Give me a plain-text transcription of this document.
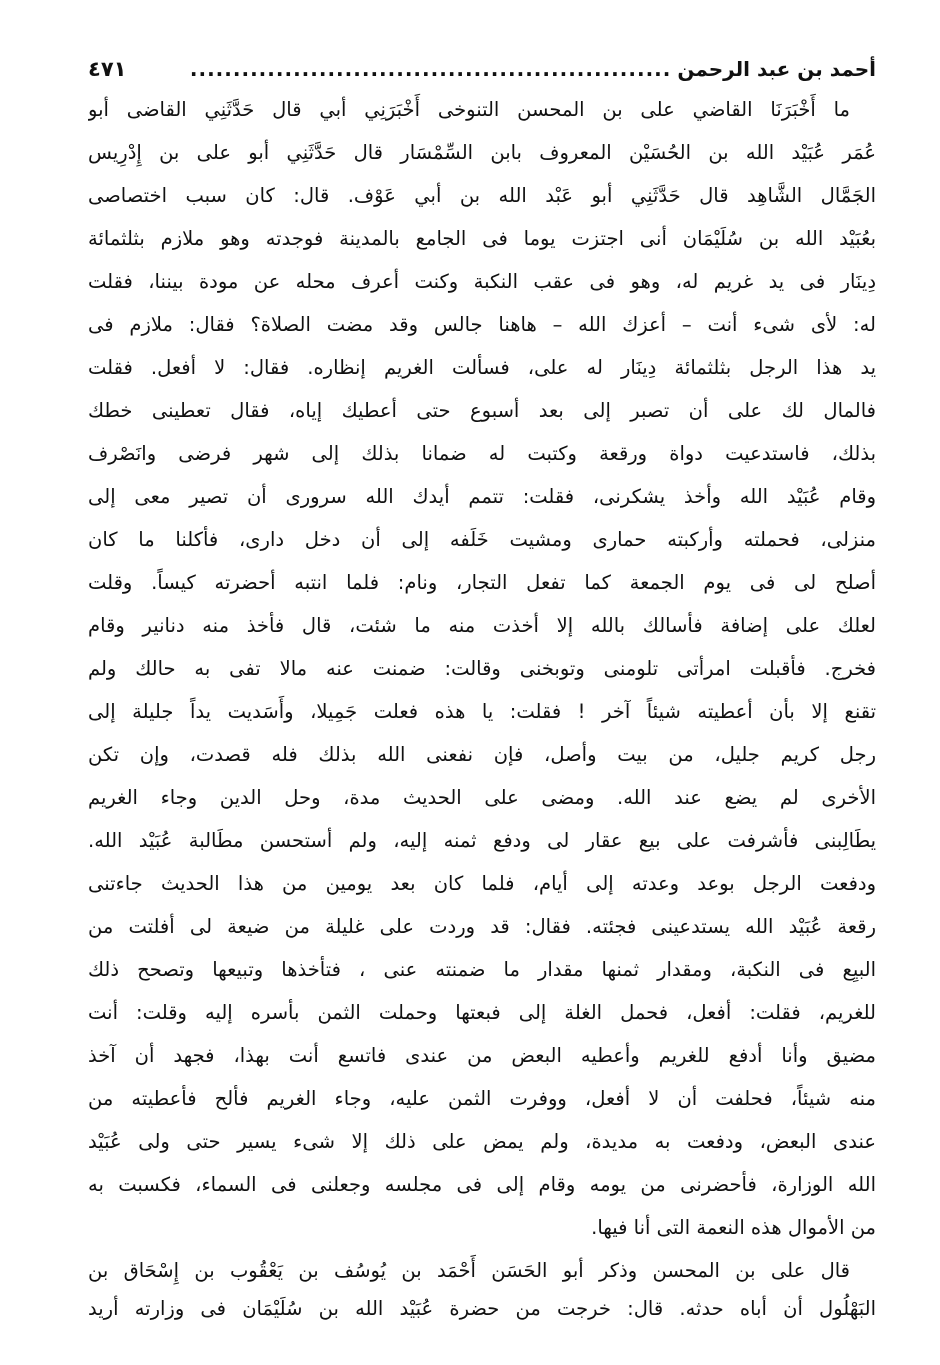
أحمد بن عبد الرحمن
........................................................
٤٧١
ما أَخْبَرَنَا القاضي على بن المحسن التنوخى أَخْبَرَنِي أبي قال حَدَّثَنِي القاضى أبو
عُمَر عُبَيْد الله بن الحُسَيْن المعروف بابن السِّمْسَار قال حَدَّثَنِي أبو على بن إِدْرِيس
الجَمَّال الشَّاهِد قال حَدَّثَنِي أبو عَبْد الله بن أبي عَوْف. قال: كان سبب اختصاصى
بعُبَيْد الله بن سُلَيْمَان أنى اجتزت يوما فى الجامع بالمدينة فوجدته وهو ملازم بثلثمائة
دِينَار فى يد غريم له، وهو فى عقب النكبة وكنت أعرف محله عن مودة بيننا، فقلت
له: لأى شىء أنت – أعزك الله – هاهنا جالس وقد مضت الصلاة؟ فقال: ملازم فى
يد هذا الرجل بثلثمائة دِينَار له على، فسألت الغريم إنظاره. فقال: لا أفعل. فقلت
فالمال لك على أن تصبر إلى بعد أسبوع حتى أعطيك إياه، فقال تعطينى خطك
بذلك، فاستدعيت دواة ورقعة وكتبت له ضمانا بذلك إلى شهر فرضى وانَصْرف
وقام عُبَيْد الله وأخذ يشكرنى، فقلت: تتمم أيدك الله سرورى أن تصير معى إلى
منزلى، فحملته وأركبته حمارى ومشيت خَلَفه إلى أن دخل دارى، فأكلنا ما كان
أصلح لى فى يوم الجمعة كما تفعل التجار، ونام: فلما انتبه أحضرته كيساً. وقلت
لعلك على إضافة فأسالك بالله إلا أخذت منه ما شئت، قال فأخذ منه دنانير وقام
فخرج. فأقبلت امرأتى تلومنى وتوبخنى وقالت: ضمنت عنه مالا تفى به حالك ولم
تقنع إلا بأن أعطيته شيئاً آخر ! فقلت: يا هذه فعلت جَمِيلا، وأَسَديت يداً جليلة إلى
رجل كريم جليل، من بيت وأصل، فإن نفعنى الله بذلك فله قصدت، وإن تكن
الأخرى لم يضع عند الله. ومضى على الحديث مدة، وحل الدين وجاء الغريم
يطَالِبنى فأشرفت على بيع عقار لى ودفع ثمنه إليه، ولم أستحسن مطَالبة عُبَيْد الله.
ودفعت الرجل بوعد وعدته إلى أيام، فلما كان بعد يومين من هذا الحديث جاءتنى
رقعة عُبَيْد الله يستدعينى فجئته. فقال: قد وردت على غليلة من ضيعة لى أفلتت من
البيِع فى النكبة، ومقدار ثمنها مقدار ما ضمنته عنى ، فتأخذها وتبيعها وتصحح ذلك
للغريم، فقلت: أفعل، فحمل الغلة إلى فبعتها وحملت الثمن بأسره إليه وقلت: أنت
مضيق وأنا أدفع للغريم وأعطيه البعض من عندى فاتسع أنت بهذا، فجهد أن آخذ
منه شيئاً، فحلفت أن لا أفعل، ووفرت الثمن عليه، وجاء الغريم فألح فأعطيته من
عندى البعض، ودفعت به مديدة، ولم يمض على ذلك إلا شىء يسير حتى ولى عُبَيْد
الله الوزارة، فأحضرنى من يومه وقام إلى فى مجلسه وجعلنى فى السماء، فكسبت به
من الأموال هذه النعمة التى أنا فيها.
قال على بن المحسن وذكر أبو الحَسَن أَحْمَد بن يُوسُف بن يَعْقُوب بن إِسْحَاق بن
البَهْلُول أن أباه حدثه. قال: خرجت من حضرة عُبَيْد الله بن سُلَيْمَان فى وزارته أريد
